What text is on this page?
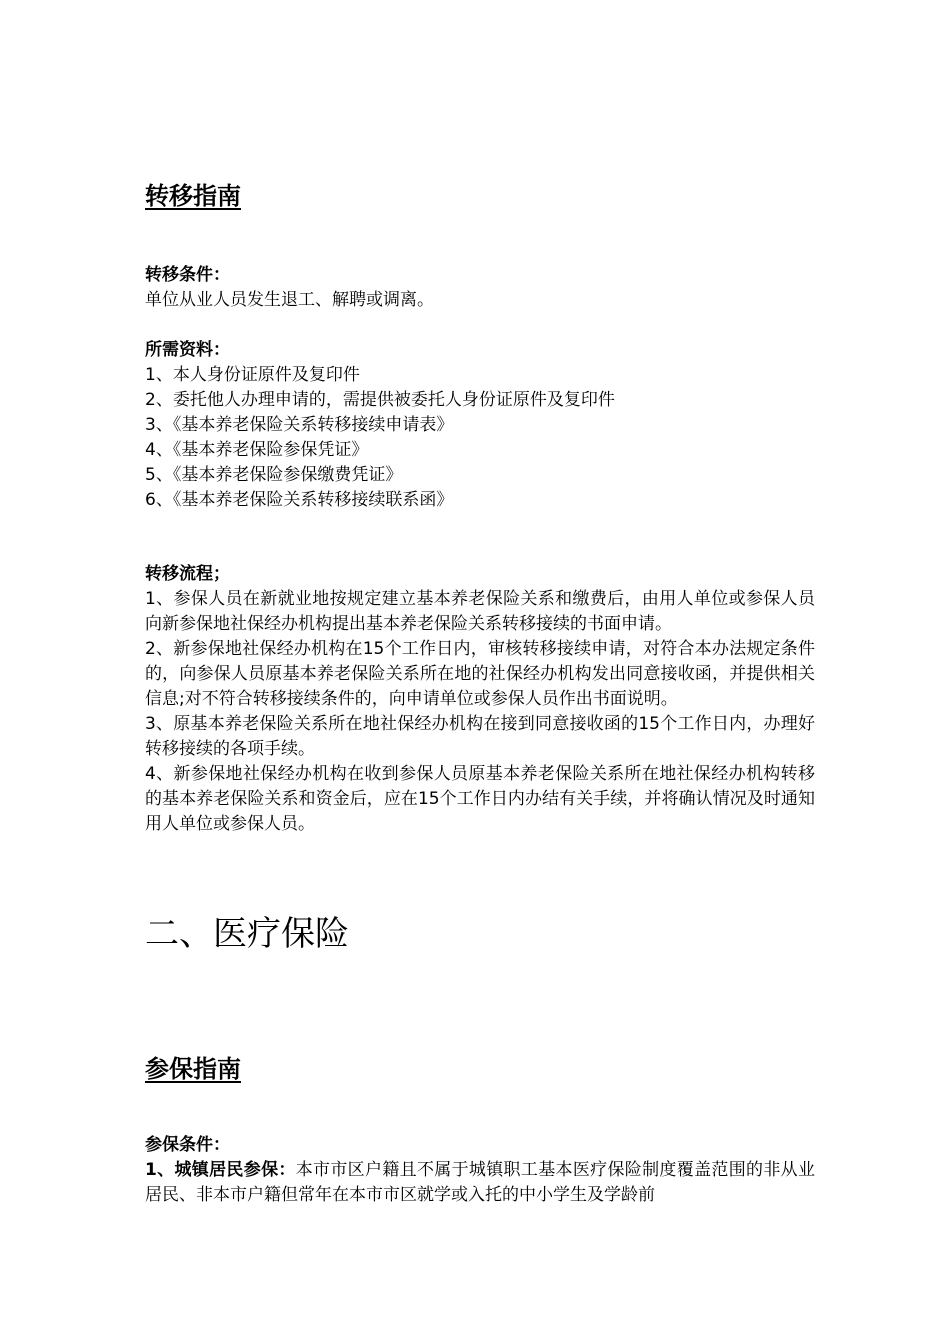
转移指南

转移条件：

单位从业人员发生退工、解聘或调离。

所需资料：

1、本人身份证原件及复印件

2、委托他人办理申请的，需提供被委托人身份证原件及复印件

3、《基本养老保险关系转移接续申请表》

4、《基本养老保险参保凭证》

5、《基本养老保险参保缴费凭证》

6、《基本养老保险关系转移接续联系函》

转移流程；

1、参保人员在新就业地按规定建立基本养老保险关系和缴费后，由用人单位或参保人员向新参保地社保经办机构提出基本养老保险关系转移接续的书面申请。

2、新参保地社保经办机构在15个工作日内，审核转移接续申请，对符合本办法规定条件的，向参保人员原基本养老保险关系所在地的社保经办机构发出同意接收函，并提供相关信息;对不符合转移接续条件的，向申请单位或参保人员作出书面说明。

3、原基本养老保险关系所在地社保经办机构在接到同意接收函的15个工作日内，办理好转移接续的各项手续。

4、新参保地社保经办机构在收到参保人员原基本养老保险关系所在地社保经办机构转移的基本养老保险关系和资金后，应在15个工作日内办结有关手续，并将确认情况及时通知用人单位或参保人员。

二、医疗保险
参保指南

参保条件：

1、城镇居民参保：本市市区户籍且不属于城镇职工基本医疗保险制度覆盖范围的非从业居民、非本市户籍但常年在本市市区就学或入托的中小学生及学龄前
